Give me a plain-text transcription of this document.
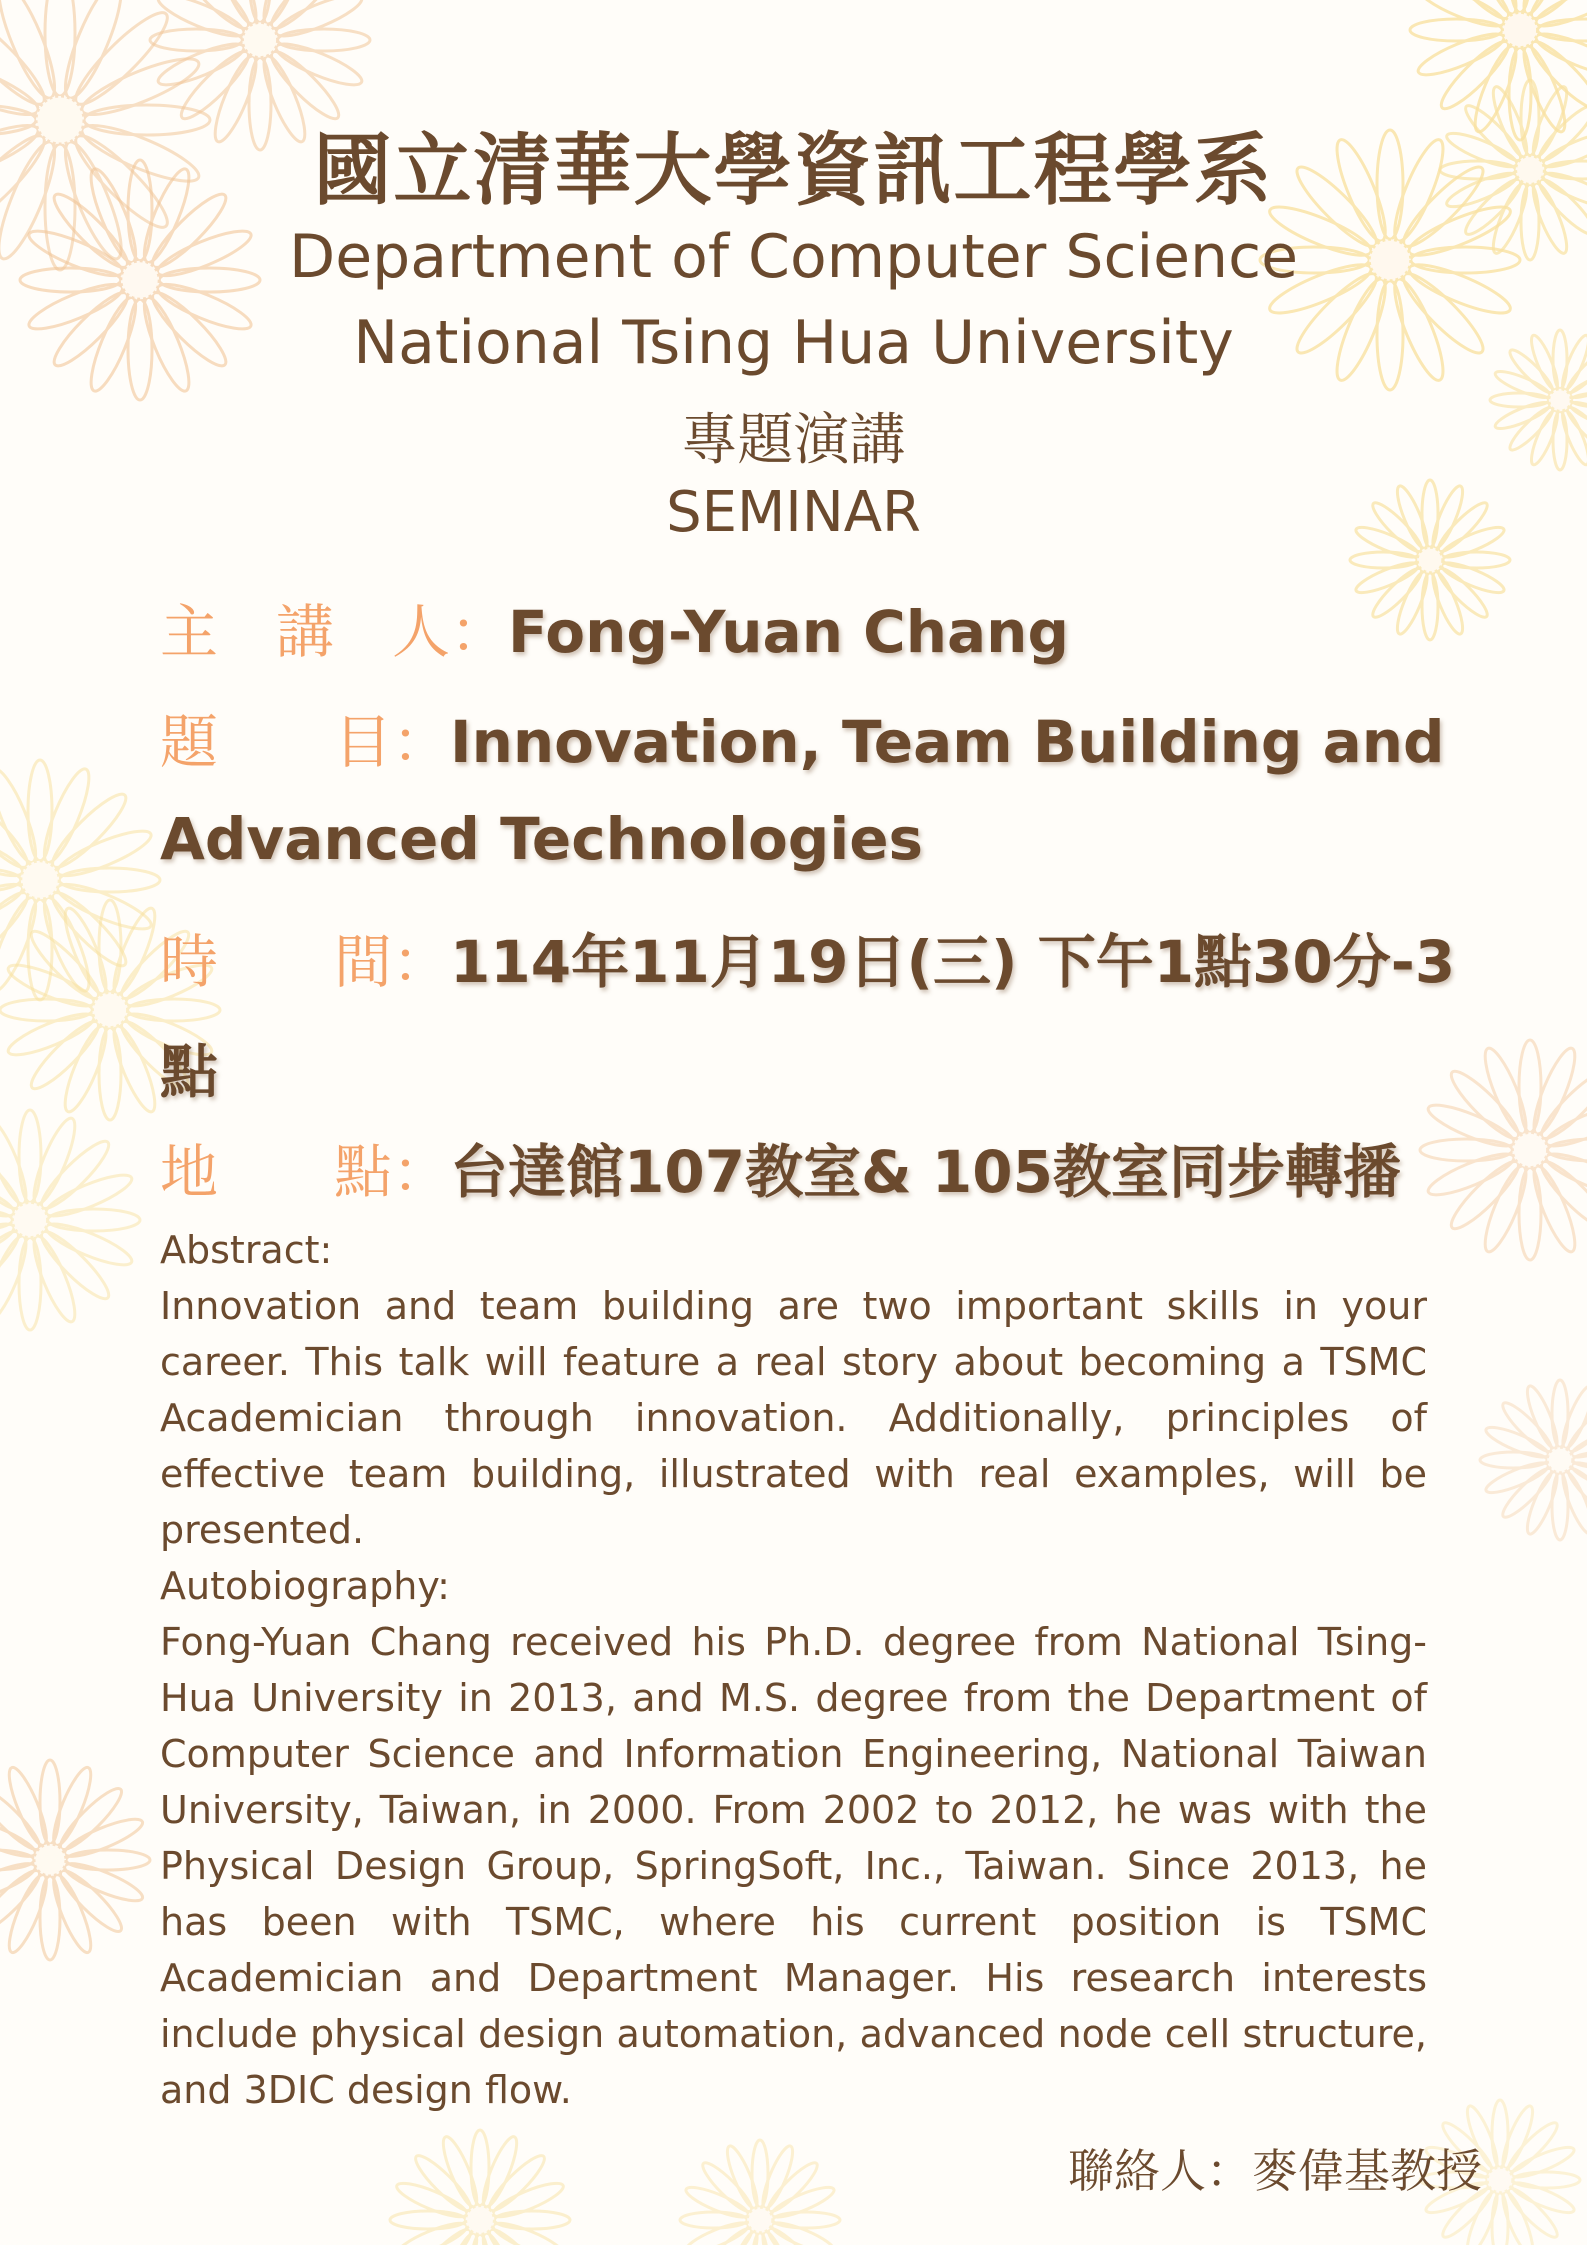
國立清華大學資訊工程學系
Department of Computer Science
National Tsing Hua University
專題演講
SEMINAR
主　講　人：Fong-Yuan Chang
題　　目：Innovation, Team Building and
Advanced Technologies
時　　間：114年11月19日(三) 下午1點30分-3
點
地　　點：台達館107教室& 105教室同步轉播
Abstract:
Innovation and team building are two important skills in your career. This talk will feature a real story about becoming a TSMC Academician through innovation. Additionally, principles of effective team building, illustrated with real examples, will be presented.
Autobiography:
Fong-Yuan Chang received his Ph.D. degree from National Tsing-Hua University in 2013, and M.S. degree from the Department of Computer Science and Information Engineering, National Taiwan University, Taiwan, in 2000. From 2002 to 2012, he was with the Physical Design Group, SpringSoft, Inc., Taiwan. Since 2013, he has been with TSMC, where his current position is TSMC Academician and Department Manager. His research interests include physical design automation, advanced node cell structure, and 3DIC design flow.
聯絡人：麥偉基教授
